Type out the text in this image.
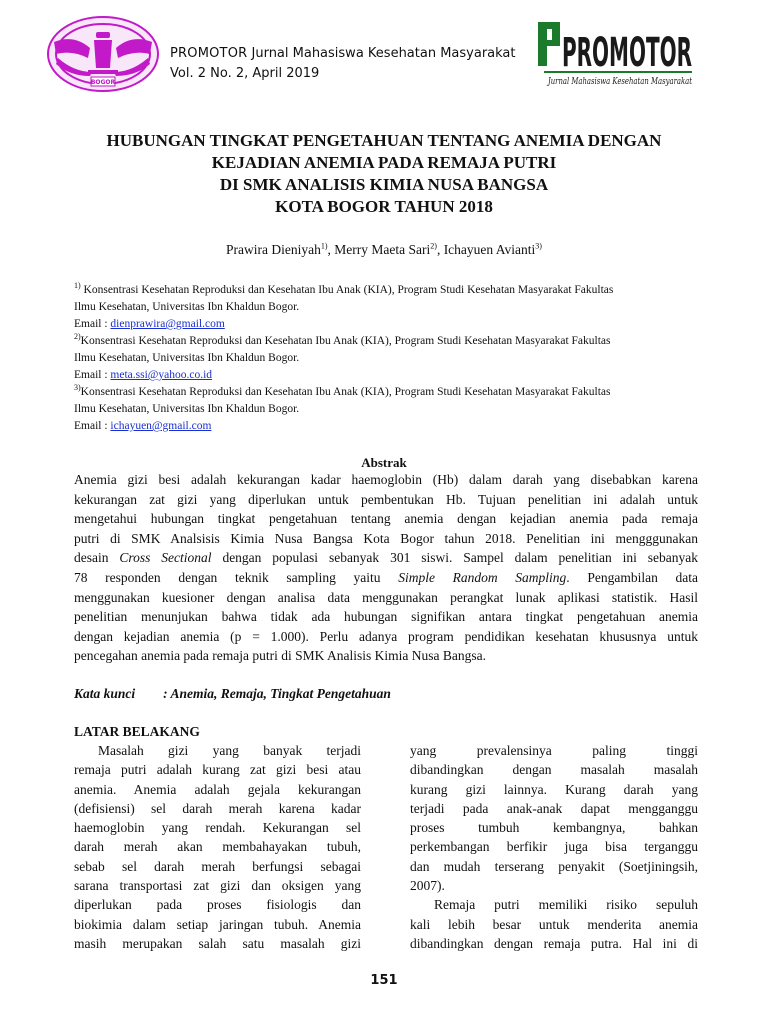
BOGOR
PROMOTOR Jurnal Mahasiswa Kesehatan Masyarakat
Vol. 2 No. 2, April 2019	PROMOTOR
Jurnal Mahasiswa Kesehatan Masyarakat
HUBUNGAN TINGKAT PENGETAHUAN TENTANG ANEMIA DENGAN
KEJADIAN ANEMIA PADA REMAJA PUTRI
DI SMK ANALISIS KIMIA NUSA BANGSA
KOTA BOGOR TAHUN 2018
Prawira Dieniyah$^{1)}$, Merry Maeta Sari$^{2)}$, Ichayuen Avianti$^{3)}$

$^{1)}$ Konsentrasi Kesehatan Reproduksi dan Kesehatan Ibu Anak (KIA), Program Studi Kesehatan Masyarakat Fakultas

Ilmu Kesehatan, Universitas Ibn Khaldun Bogor.

Email : dienprawira@gmail.com

$^{2)}$Konsentrasi Kesehatan Reproduksi dan Kesehatan Ibu Anak (KIA), Program Studi Kesehatan Masyarakat Fakultas

Ilmu Kesehatan, Universitas Ibn Khaldun Bogor.

Email : meta.ssi@yahoo.co.id

$^{3)}$Konsentrasi Kesehatan Reproduksi dan Kesehatan Ibu Anak (KIA), Program Studi Kesehatan Masyarakat Fakultas

Ilmu Kesehatan, Universitas Ibn Khaldun Bogor.

Email : ichayuen@gmail.com

Abstrak
Anemia gizi besi adalah kekurangan kadar haemoglobin (Hb) dalam darah yang disebabkan karena
kekurangan zat gizi yang diperlukan untuk pembentukan Hb. Tujuan penelitian ini adalah untuk
mengetahui hubungan tingkat pengetahuan tentang anemia dengan kejadian anemia pada remaja
putri di SMK Analsisis Kimia Nusa Bangsa Kota Bogor tahun 2018. Penelitian ini mengggunakan
desain Cross Sectional dengan populasi sebanyak 301 siswi. Sampel dalam penelitian ini sebanyak
78 responden dengan teknik sampling yaitu Simple Random Sampling. Pengambilan data
menggunakan kuesioner dengan analisa data menggunakan perangkat lunak aplikasi statistik. Hasil
penelitian menunjukan bahwa tidak ada hubungan signifikan antara tingkat pengetahuan anemia
dengan kejadian anemia (p = 1.000). Perlu adanya program pendidikan kesehatan khususnya untuk
pencegahan anemia pada remaja putri di SMK Analisis Kimia Nusa Bangsa.
Kata kunci : Anemia, Remaja, Tingkat Pengetahuan
LATAR BELAKANG
Masalah gizi yang banyak terjadi
remaja putri adalah kurang zat gizi besi atau
anemia. Anemia adalah gejala kekurangan
(defisiensi) sel darah merah karena kadar
haemoglobin yang rendah. Kekurangan sel
darah merah akan membahayakan tubuh,
sebab sel darah merah berfungsi sebagai
sarana transportasi zat gizi dan oksigen yang
diperlukan pada proses fisiologis dan
biokimia dalam setiap jaringan tubuh. Anemia
masih merupakan salah satu masalah gizi
yang prevalensinya paling tinggi
dibandingkan dengan masalah masalah
kurang gizi lainnya. Kurang darah yang
terjadi pada anak-anak dapat mengganggu
proses tumbuh kembangnya, bahkan
perkembangan berfikir juga bisa terganggu
dan mudah terserang penyakit (Soetjiningsih,
2007).
Remaja putri memiliki risiko sepuluh
kali lebih besar untuk menderita anemia
dibandingkan dengan remaja putra. Hal ini di
151
